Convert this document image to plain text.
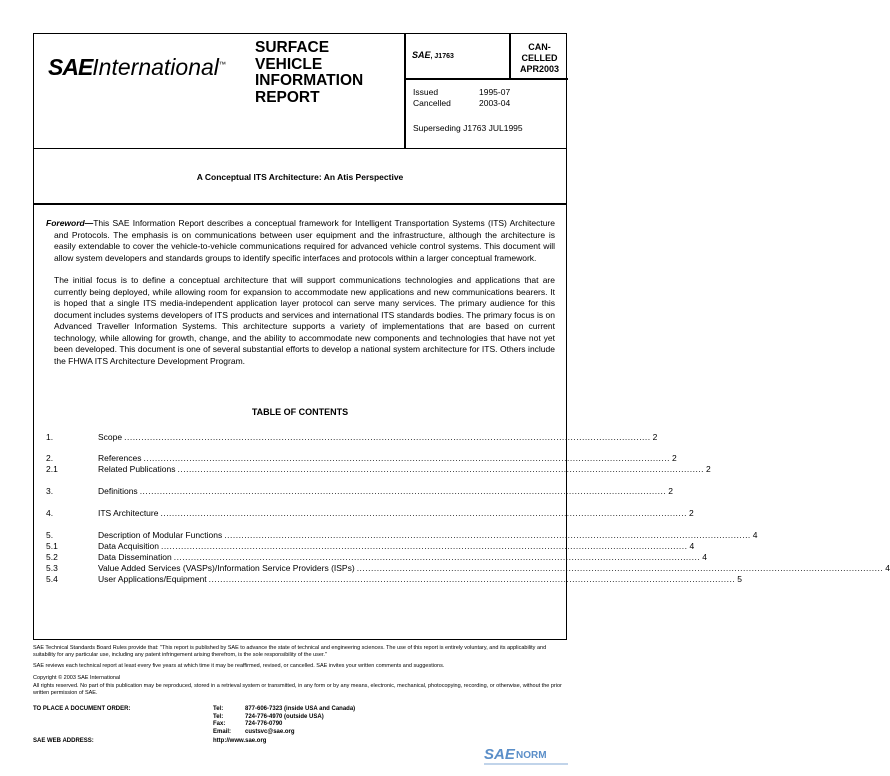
SAEInternational™
SURFACE
VEHICLE
INFORMATION
REPORT
SAE, J1763
CAN-
CELLED
APR2003
Issued	1995-07
Cancelled	2003-04
Superseding J1763 JUL1995
A Conceptual ITS Architecture: An Atis Perspective

Foreword—This SAE Information Report describes a conceptual framework for Intelligent Transportation Systems (ITS) Architecture and Protocols. The emphasis is on communications between user equipment and the infrastructure, although the architecture is easily extendable to cover the vehicle-to-vehicle communications required for advanced vehicle control systems. This document will allow system developers and standards groups to identify specific interfaces and protocols within a larger conceptual framework.

The initial focus is to define a conceptual architecture that will support communications technologies and applications that are currently being deployed, while allowing room for expansion to accommodate new applications and new communications bearers. It is hoped that a single ITS media-independent application layer protocol can serve many services. The primary audience for this document includes systems developers of ITS products and services and international ITS standards bodies. The primary focus is on Advanced Traveller Information Systems. This architecture supports a variety of implementations that are based on current technology, while allowing for growth, change, and the ability to accommodate new components and technologies that have not yet been developed. This document is one of several substantial efforts to develop a national system architecture for ITS. Others include the FHWA ITS Architecture Development Program.

TABLE OF CONTENTS
1.	Scope ........................................................................................................................................................................................ 2
2.	References ........................................................................................................................................................................................ 2
2.1	Related Publications ........................................................................................................................................................................................ 2
3.	Definitions ........................................................................................................................................................................................ 2
4.	ITS Architecture ........................................................................................................................................................................................ 2
5.	Description of Modular Functions ........................................................................................................................................................................................ 4
5.1	Data Acquisition ........................................................................................................................................................................................ 4
5.2	Data Dissemination ........................................................................................................................................................................................ 4
5.3	Value Added Services (VASPs)/Information Service Providers (ISPs) ........................................................................................................................................................................................ 4
5.4	User Applications/Equipment ........................................................................................................................................................................................ 5
SAE Technical Standards Board Rules provide that: "This report is published by SAE to advance the state of technical and engineering sciences. The use of this report is entirely voluntary, and its applicability and suitability for any particular use, including any patent infringement arising therefrom, is the sole responsibility of the user."
SAE reviews each technical report at least every five years at which time it may be reaffirmed, revised, or cancelled. SAE invites your written comments and suggestions.
Copyright © 2003 SAE International
All rights reserved. No part of this publication may be reproduced, stored in a retrieval system or transmitted, in any form or by any means, electronic, mechanical, photocopying, recording, or otherwise, without the prior written permission of SAE.
TO PLACE A DOCUMENT ORDER:	Tel:	877-606-7323 (inside USA and Canada)
Tel:	724-776-4970 (outside USA)
Fax:	724-776-0790
Email: custsvc@sae.org
SAE WEB ADDRESS:	http://www.sae.org
SAE NORM
